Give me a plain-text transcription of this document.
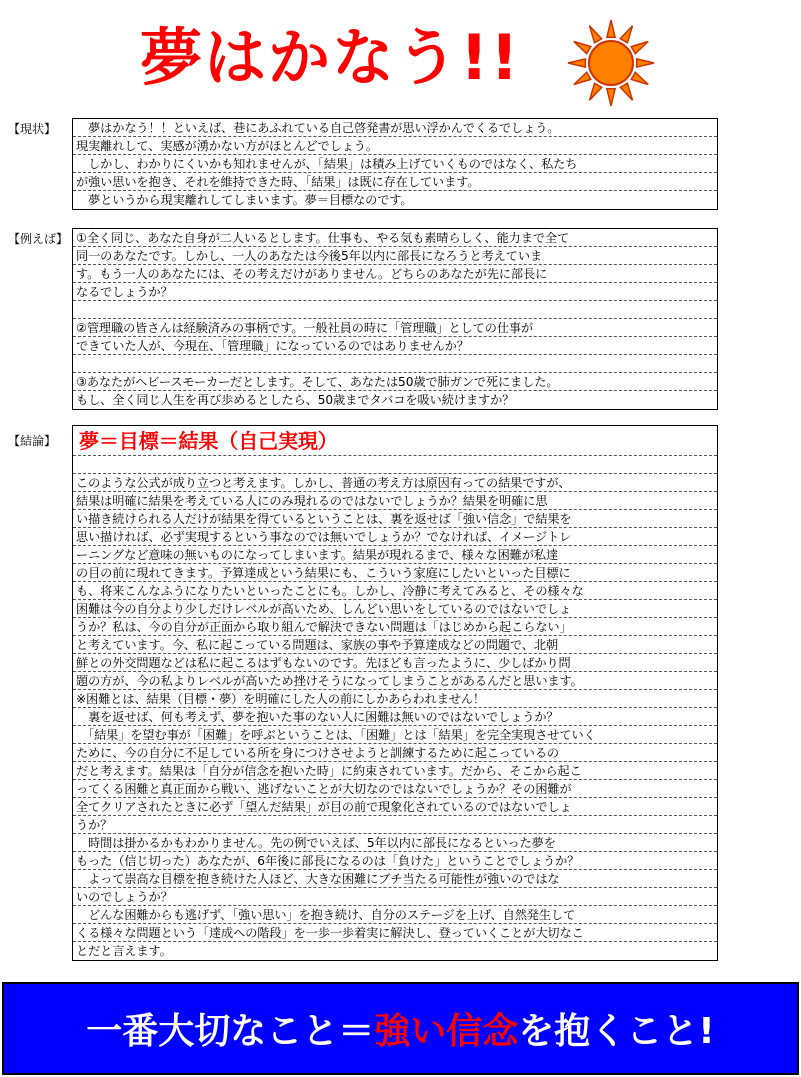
夢はかなう!!
【現状】 　夢はかなう！！といえば、巷にあふれている自己啓発書が思い浮かんでくるでしょう。
現実離れして、実感が湧かない方がほとんどでしょう。
　しかし、わかりにくいかも知れませんが、「結果」は積み上げていくものではなく、私たち
が強い思いを抱き、それを維持できた時、「結果」は既に存在しています。
　夢というから現実離れしてしまいます。夢＝目標なのです。
【例えば】 ①全く同じ、あなた自身が二人いるとします。仕事も、やる気も素晴らしく、能力まで全て
同一のあなたです。しかし、一人のあなたは今後5年以内に部長になろうと考えていま
す。もう一人のあなたには、その考えだけがありません。どちらのあなたが先に部長に
なるでしょうか？
②管理職の皆さんは経験済みの事柄です。一般社員の時に「管理職」としての仕事が
できていた人が、今現在、「管理職」になっているのではありませんか？
③あなたがヘビースモーカーだとします。そして、あなたは50歳で肺ガンで死にました。
もし、全く同じ人生を再び歩めるとしたら、50歳までタバコを吸い続けますか？
【結論】	夢＝目標＝結果（自己実現）
このような公式が成り立つと考えます。しかし、普通の考え方は原因有っての結果ですが、
結果は明確に結果を考えている人にのみ現れるのではないでしょうか？結果を明確に思
い描き続けられる人だけが結果を得ているということは、裏を返せば「強い信念」で結果を
思い描ければ、必ず実現するという事なのでは無いでしょうか？でなければ、イメージトレ
ーニングなど意味の無いものになってしまいます。結果が現れるまで、様々な困難が私達
の目の前に現れてきます。予算達成という結果にも、こういう家庭にしたいといった目標に
も、将来こんなふうになりたいといったことにも。しかし、冷静に考えてみると、その様々な
困難は今の自分より少しだけレベルが高いため、しんどい思いをしているのではないでしょ
うか？私は、今の自分が正面から取り組んで解決できない問題は「はじめから起こらない」
と考えています。今、私に起こっている問題は、家族の事や予算達成などの問題で、北朝
鮮との外交問題などは私に起こるはずもないのです。先ほども言ったように、少しばかり問
題の方が、今の私よりレベルが高いため挫けそうになってしまうことがあるんだと思います。
※困難とは、結果（目標・夢）を明確にした人の前にしかあらわれません！
　裏を返せば、何も考えず、夢を抱いた事のない人に困難は無いのではないでしょうか？
　「結果」を望む事が「困難」を呼ぶということは、「困難」とは「結果」を完全実現させていく
ために、今の自分に不足している所を身につけさせようと訓練するために起こっているの
だと考えます。結果は「自分が信念を抱いた時」に約束されています。だから、そこから起こ
ってくる困難と真正面から戦い、逃げないことが大切なのではないでしょうか？その困難が
全てクリアされたときに必ず「望んだ結果」が目の前で現象化されているのではないでしょ
うか？
　時間は掛かるかもわかりません。先の例でいえば、5年以内に部長になるといった夢を
もった（信じ切った）あなたが、6年後に部長になるのは「負けた」ということでしょうか？
　よって崇高な目標を抱き続けた人ほど、大きな困難にブチ当たる可能性が強いのではな
いのでしょうか？
　どんな困難からも逃げず、「強い思い」を抱き続け、自分のステージを上げ、自然発生して
くる様々な問題という「達成への階段」を一歩一歩着実に解決し、登っていくことが大切なこ
とだと言えます。
一番大切なこと＝ 強い信念 を抱くこと!
